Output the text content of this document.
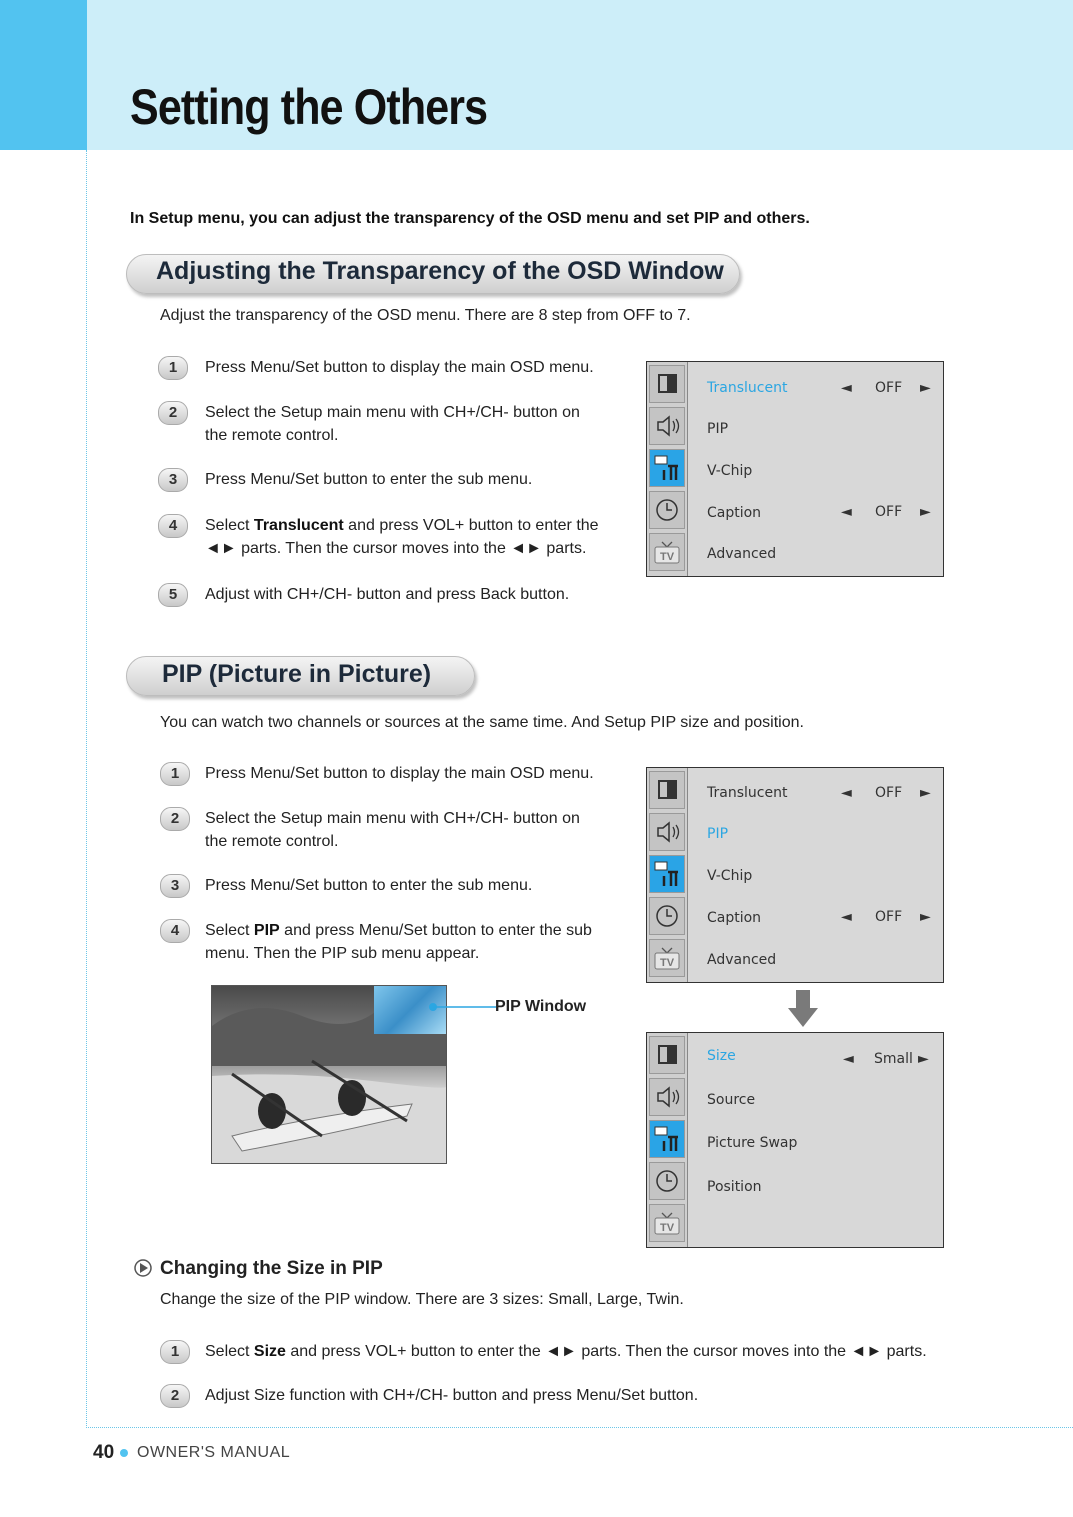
Setting the Others
In Setup menu, you can adjust the transparency of the OSD menu and set PIP and others.
Adjusting the Transparency of the OSD Window
Adjust the transparency of the OSD menu. There are 8 step from OFF to 7.
1	Press Menu/Set button to display the main OSD menu.
2	Select the Setup main menu with CH+/CH- button on the remote control.
3	Press Menu/Set button to enter the sub menu.
4	Select Translucent and press VOL+ button to enter the ◄► parts. Then the cursor moves into the ◄► parts.
5	Adjust with CH+/CH- button and press Back button.
TV
Translucent	◄ OFF ►
PIP
V-Chip
Caption	◄ OFF ►
Advanced
PIP (Picture in Picture)
You can watch two channels or sources at the same time. And Setup PIP size and position.
1	Press Menu/Set button to display the main OSD menu.
2	Select the Setup main menu with CH+/CH- button on the remote control.
3	Press Menu/Set button to enter the sub menu.
4	Select PIP and press Menu/Set button to enter the sub menu. Then the PIP sub menu appear.
PIP Window
TV
Translucent	◄ OFF ►
PIP
V-Chip
Caption	◄ OFF ►
Advanced
TV
Size	◄ Small ►
Source
Picture Swap
Position
Changing the Size in PIP
Change the size of the PIP window. There are 3 sizes: Small, Large, Twin.
1	Select Size and press VOL+ button to enter the ◄► parts. Then the cursor moves into the ◄► parts.
2	Adjust Size function with CH+/CH- button and press Menu/Set button.
40 OWNER'S MANUAL
